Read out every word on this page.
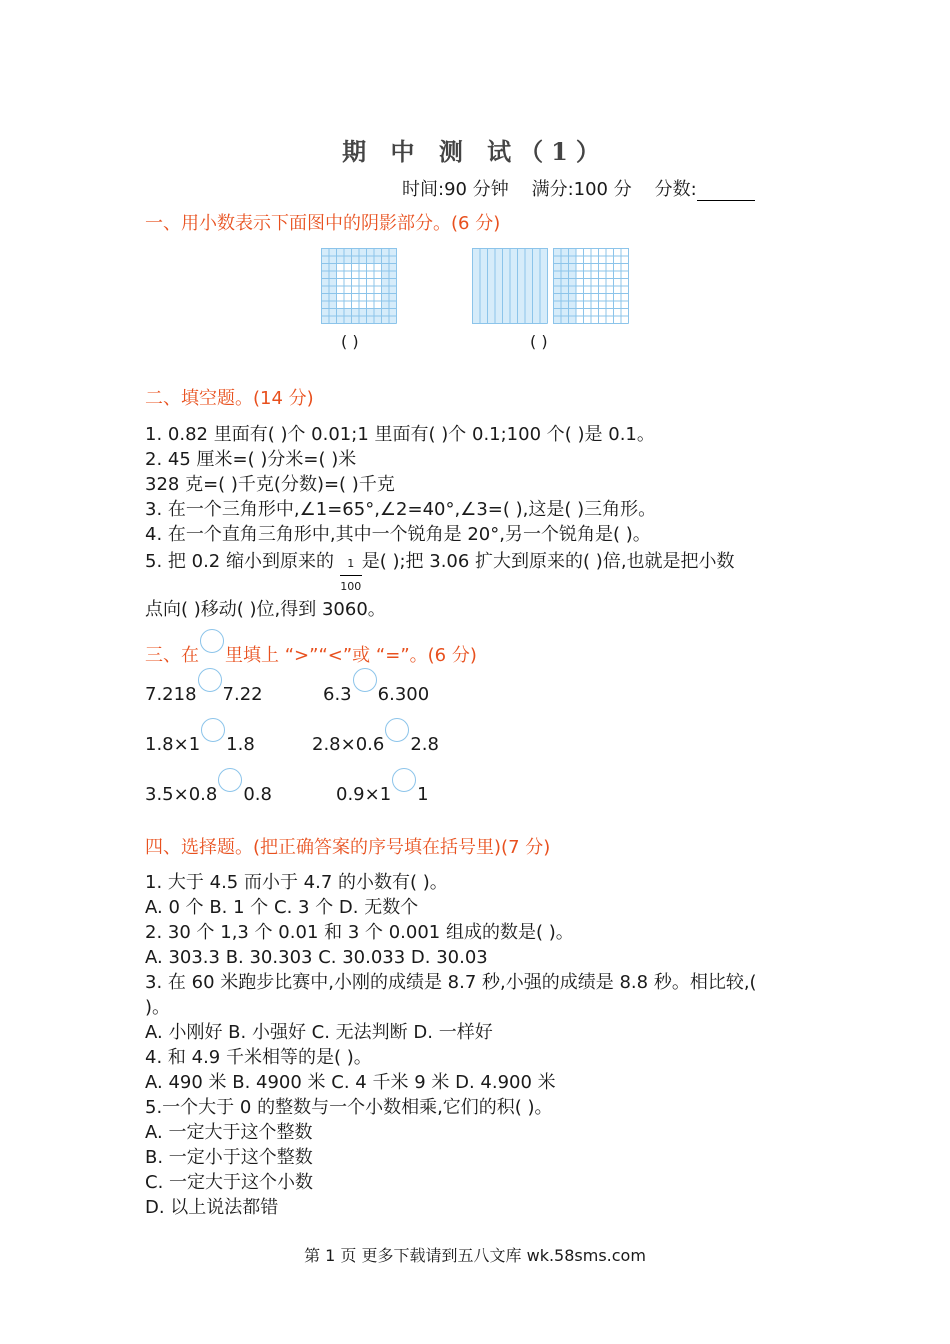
期 中 测 试（1）
时间:90 分钟 满分:100 分 分数:
一、用小数表示下面图中的阴影部分。(6 分)
( )	( )
二、填空题。(14 分)
1. 0.82 里面有( )个 0.01;1 里面有( )个 0.1;100 个( )是 0.1。
2. 45 厘米=( )分米=( )米
328 克=( )千克(分数)=( )千克
3. 在一个三角形中,∠1=65°,∠2=40°,∠3=( ),这是( )三角形。
4. 在一个直角三角形中,其中一个锐角是 20°,另一个锐角是( )。
5. 把 0.2 缩小到原来的 $\frac{1}{100}$ 是( );把 3.06 扩大到原来的( )倍,也就是把小数
点向( )移动( )位,得到 3060。
三、在 里填上 “>”“<”或 “=”。(6 分)
7.218 7.22	6.3 6.300
1.8×1 1.8	2.8×0.6 2.8
3.5×0.8 0.8	0.9×1 1
四、选择题。(把正确答案的序号填在括号里)(7 分)
1. 大于 4.5 而小于 4.7 的小数有( )。
A. 0 个 B. 1 个 C. 3 个 D. 无数个
2. 30 个 1,3 个 0.01 和 3 个 0.001 组成的数是( )。
A. 303.3 B. 30.303 C. 30.033 D. 30.03
3. 在 60 米跑步比赛中,小刚的成绩是 8.7 秒,小强的成绩是 8.8 秒。相比较,(
)。
A. 小刚好 B. 小强好 C. 无法判断 D. 一样好
4. 和 4.9 千米相等的是( )。
A. 490 米 B. 4900 米 C. 4 千米 9 米 D. 4.900 米
5.一个大于 0 的整数与一个小数相乘,它们的积( )。
A. 一定大于这个整数
B. 一定小于这个整数
C. 一定大于这个小数
D. 以上说法都错
第 1 页 更多下载请到五八文库 wk.58sms.com
